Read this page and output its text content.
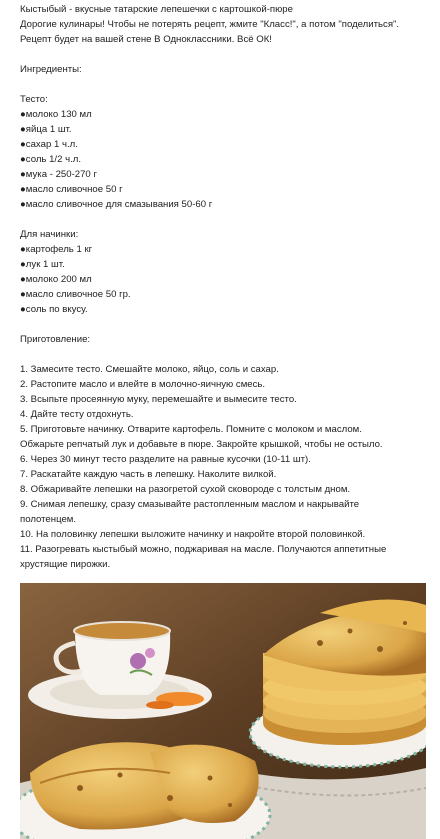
Кыстыбый - вкусные татарские лепешечки с картошкой-пюре
Дорогие кулинары! Чтобы не потерять рецепт, жмите "Класс!", а потом "поделиться".
Рецепт будет на вашей стене В Одноклассники. Всё ОК!
Ингредиенты:
Тесто:
●молоко 130 мл
●яйца 1 шт.
●сахар 1 ч.л.
●соль 1/2 ч.л.
●мука - 250-270 г
●масло сливочное 50 г
●масло сливочное для смазывания 50-60 г
Для начинки:
●картофель 1 кг
●лук 1 шт.
●молоко 200 мл
●масло сливочное 50 гр.
●соль по вкусу.
Приготовление:
1. Замесите тесто. Смешайте молоко, яйцо, соль и сахар.
2. Растопите масло и влейте в молочно-яичную смесь.
3. Всыпьте просеянную муку, перемешайте и вымесите тесто.
4. Дайте тесту отдохнуть.
5. Приготовьте начинку. Отварите картофель. Помните с молоком и маслом.
Обжарьте репчатый лук и добавьте в пюре. Закройте крышкой, чтобы не остыло.
6. Через 30 минут тесто разделите на равные кусочки (10-11 шт).
7. Раскатайте каждую часть в лепешку. Наколите вилкой.
8. Обжаривайте лепешки на разогретой сухой сковороде с толстым дном.
9. Снимая лепешку, сразу смазывайте растопленным маслом и накрывайте
полотенцем.
10. На половинку лепешки выложите начинку и накройте второй половинкой.
11. Разогревать кыстыбый можно, поджаривая на масле. Получаются аппетитные
хрустящие пирожки.
